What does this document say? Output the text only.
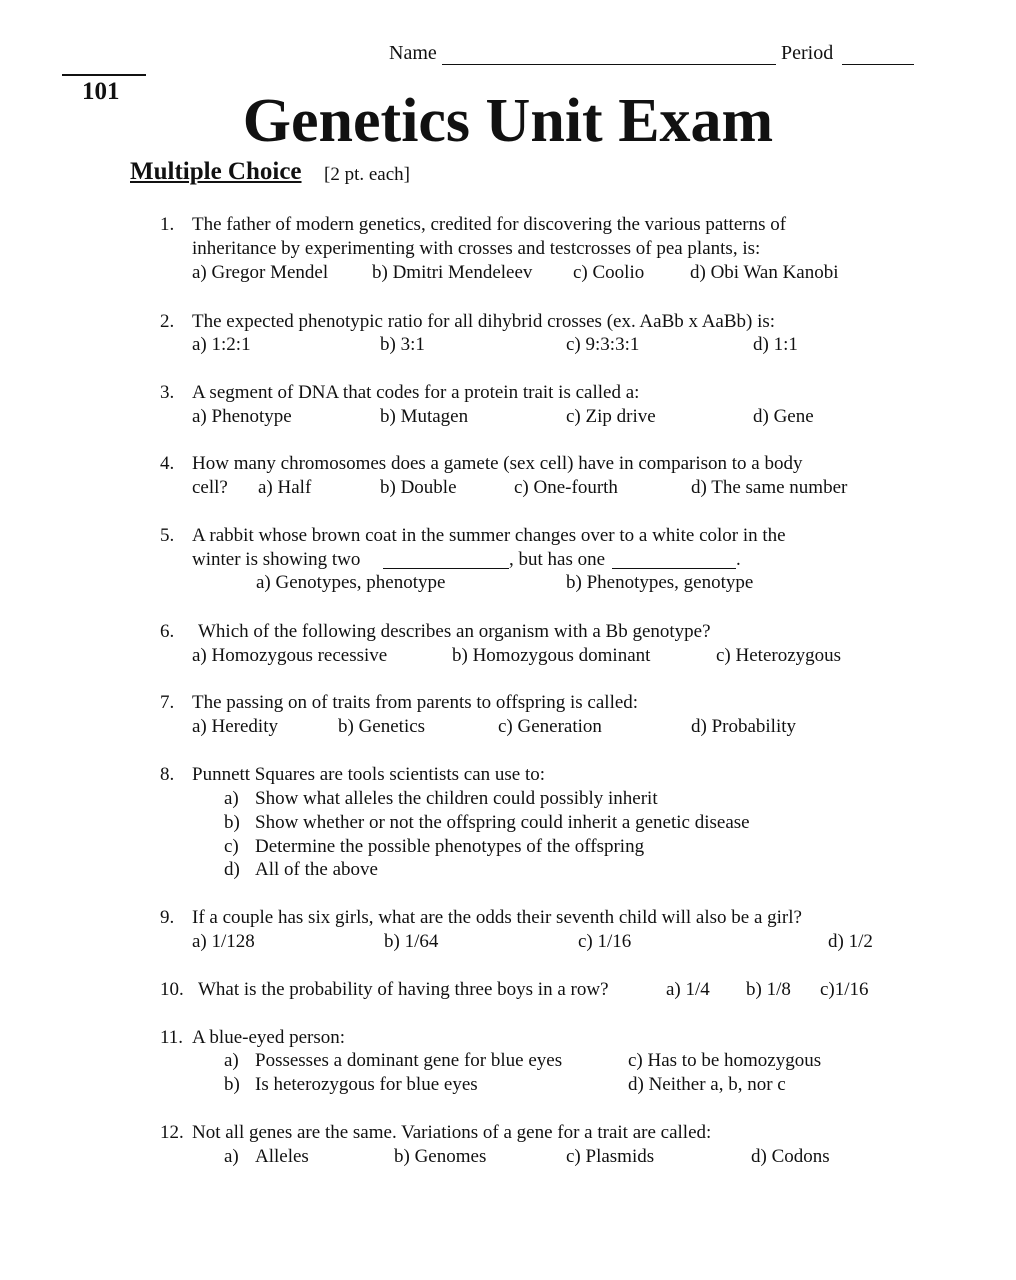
Name	Period
101	Genetics Unit Exam
Multiple Choice [2 pt. each]
1. The father of modern genetics, credited for discovering the various patterns of
inheritance by experimenting with crosses and testcrosses of pea plants, is:
a) Gregor Mendel b) Dmitri Mendeleev c) Coolio d) Obi Wan Kanobi
2. The expected phenotypic ratio for all dihybrid crosses (ex. AaBb x AaBb) is:
a) 1:2:1	b) 3:1	c) 9:3:3:1	d) 1:1
3. A segment of DNA that codes for a protein trait is called a:
a) Phenotype	b) Mutagen	c) Zip drive	d) Gene
4. How many chromosomes does a gamete (sex cell) have in comparison to a body
cell? a) Half	b) Double	c) One-fourth	d) The same number
5. A rabbit whose brown coat in the summer changes over to a white color in the
winter is showing two	, but has one	.
a) Genotypes, phenotype	b) Phenotypes, genotype
6. Which of the following describes an organism with a Bb genotype?
a) Homozygous recessive	b) Homozygous dominant	c) Heterozygous
7. The passing on of traits from parents to offspring is called:
a) Heredity	b) Genetics	c) Generation	d) Probability
8. Punnett Squares are tools scientists can use to:
a) Show what alleles the children could possibly inherit
b) Show whether or not the offspring could inherit a genetic disease
c) Determine the possible phenotypes of the offspring
d) All of the above
9. If a couple has six girls, what are the odds their seventh child will also be a girl?
a) 1/128	b) 1/64	c) 1/16	d) 1/2
10. What is the probability of having three boys in a row?	a) 1/4 b) 1/8 c)1/16
11. A blue-eyed person:
a) Possesses a dominant gene for blue eyes	c) Has to be homozygous
b) Is heterozygous for blue eyes	d) Neither a, b, nor c
12. Not all genes are the same. Variations of a gene for a trait are called:
a) Alleles	b) Genomes	c) Plasmids	d) Codons
